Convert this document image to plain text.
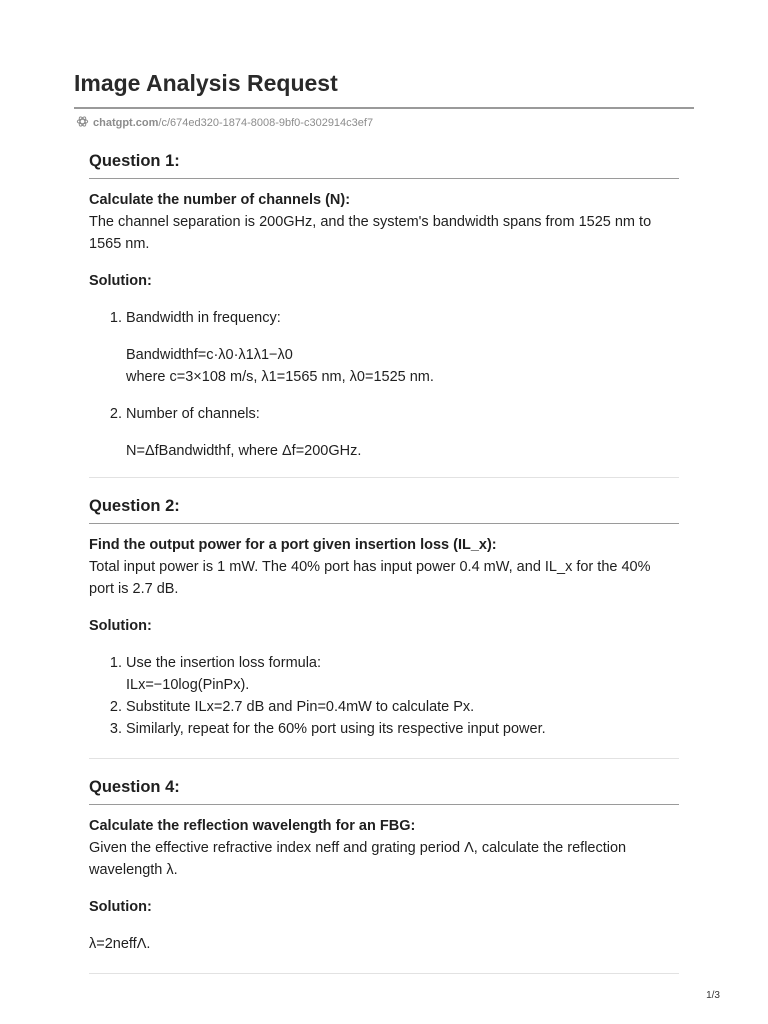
Image Analysis Request
chatgpt.com/c/674ed320-1874-8008-9bf0-c302914c3ef7
Question 1:
Calculate the number of channels (N):

The channel separation is 200GHz, and the system's bandwidth spans from 1525 nm to 1565 nm.

Solution:
1. Bandwidth in frequency:
Bandwidthf=c·λ0·λ1λ1−λ0
where c=3×108 m/s, λ1=1565 nm, λ0=1525 nm.
2. Number of channels:
N=ΔfBandwidthf, where Δf=200GHz.
Question 2:
Find the output power for a port given insertion loss (IL_x):

Total input power is 1 mW. The 40% port has input power 0.4 mW, and IL_x for the 40% port is 2.7 dB.

Solution:
1. Use the insertion loss formula:
ILx=−10log(PinPx).
2. Substitute ILx=2.7 dB and Pin=0.4mW to calculate Px.
3. Similarly, repeat for the 60% port using its respective input power.
Question 4:
Calculate the reflection wavelength for an FBG:

Given the effective refractive index neff and grating period Λ, calculate the reflection wavelength λ.

Solution:

λ=2neffΛ.

1/3
